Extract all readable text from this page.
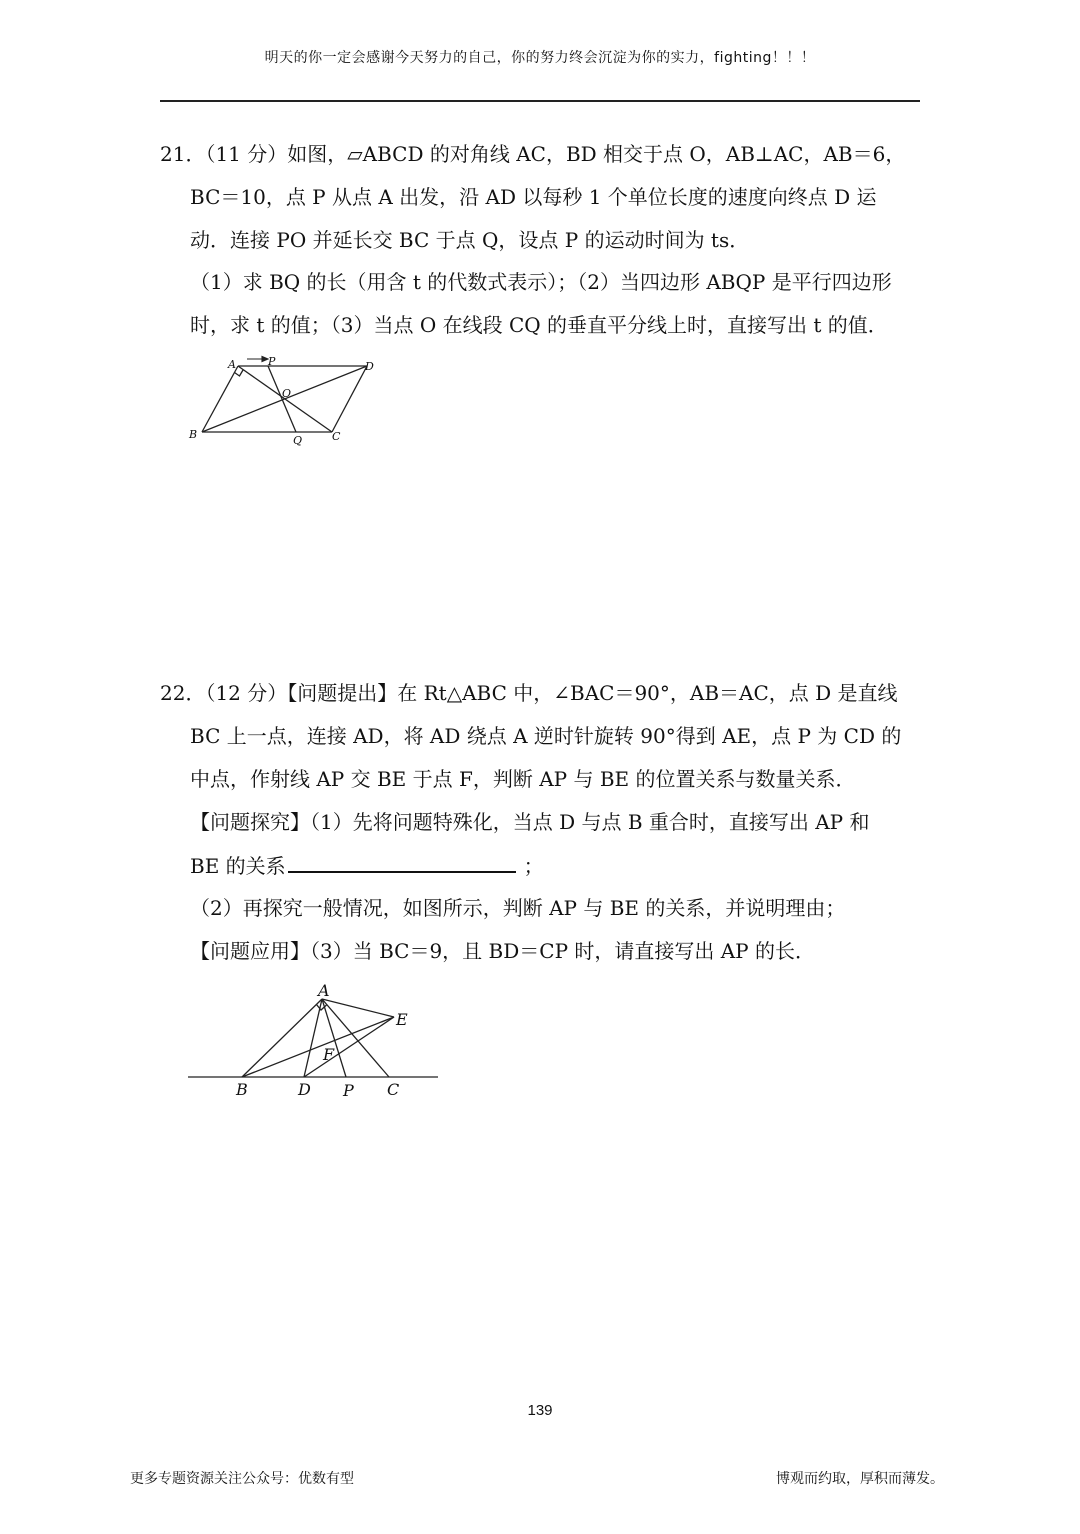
明天的你一定会感谢今天努力的自己，你的努力终会沉淀为你的实力，fighting！！！
21．（11 分）如图，▱ABCD 的对角线 AC，BD 相交于点 O，AB⊥AC，AB＝6，
BC＝10，点 P 从点 A 出发，沿 AD 以每秒 1 个单位长度的速度向终点 D 运
动．连接 PO 并延长交 BC 于点 Q，设点 P 的运动时间为 ts．
（1）求 BQ 的长（用含 t 的代数式表示）；（2）当四边形 ABQP 是平行四边形
时，求 t 的值；（3）当点 O 在线段 CQ 的垂直平分线上时，直接写出 t 的值．
A	P	D
O
B	Q	C
22．（12 分）【问题提出】在 Rt△ABC 中，∠BAC＝90°，AB＝AC，点 D 是直线
BC 上一点，连接 AD，将 AD 绕点 A 逆时针旋转 90°得到 AE，点 P 为 CD 的
中点，作射线 AP 交 BE 于点 F，判断 AP 与 BE 的位置关系与数量关系．
【问题探究】（1）先将问题特殊化，当点 D 与点 B 重合时，直接写出 AP 和
BE 的关系	；
（2）再探究一般情况，如图所示，判断 AP 与 BE 的关系，并说明理由；
【问题应用】（3）当 BC＝9，且 BD＝CP 时，请直接写出 AP 的长．
A
E
F
B	D P C
139
更多专题资源关注公众号：优数有型	博观而约取，厚积而薄发。
